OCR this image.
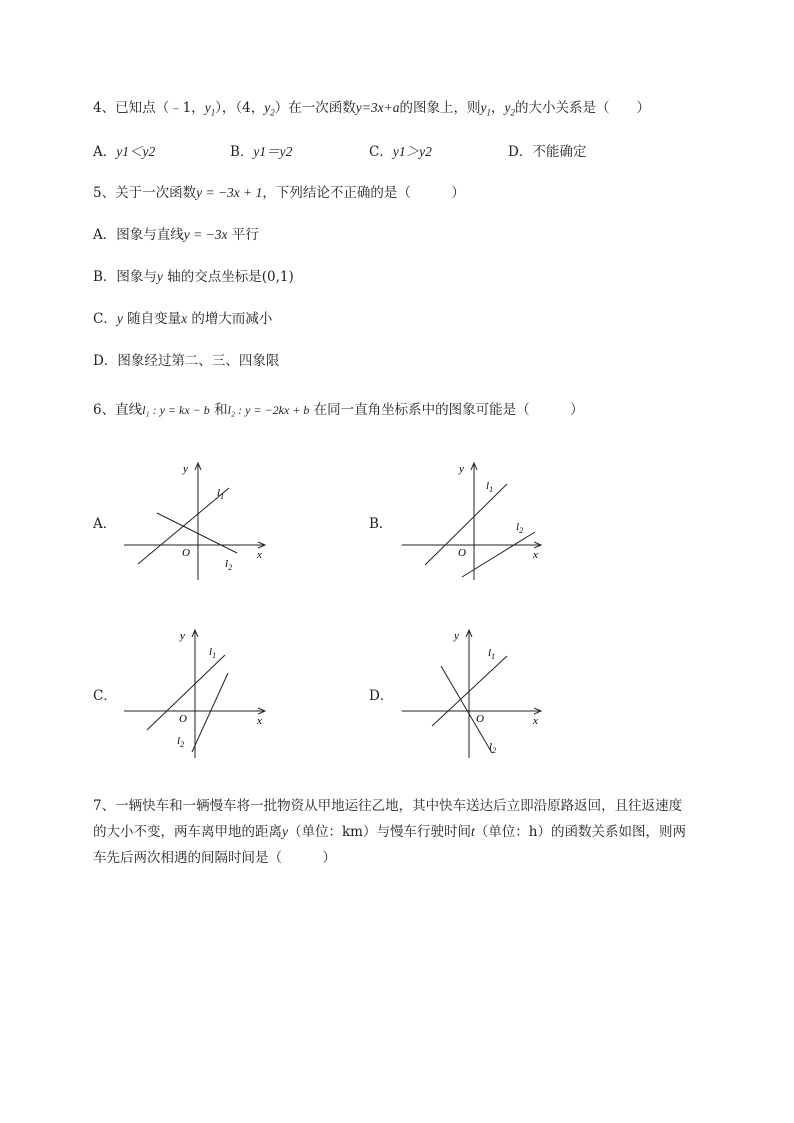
4、已知点（﹣1，$y_1$），（4，$y_2$）在一次函数y=3x+a的图象上，则$y_1$，$y_2$的大小关系是（　　）
A．y1＜y2	B．y1＝y2	C．y1＞y2	D．不能确定
5、关于一次函数y = −3x + 1，下列结论不正确的是（　　　）
A．图象与直线y = −3x 平行
B．图象与y 轴的交点坐标是(0,1)
C．y 随自变量x 的增大而减小
D．图象经过第二、三、四象限
6、直线l₁ : y = kx − b 和l₂ : y = −2kx + b 在同一直角坐标系中的图象可能是（　　　）
A．
x
y
O
$l_1$
$l_2$
B．
x
y
O
$l_1$
$l_2$
C．
x
y
O
$l_1$
$l_2$
D．
x
y
O
$l_1$
$l_2$
7、一辆快车和一辆慢车将一批物资从甲地运往乙地，其中快车送达后立即沿原路返回，且往返速度
的大小不变，两车离甲地的距离y（单位：km）与慢车行驶时间t（单位：h）的函数关系如图，则两
车先后两次相遇的间隔时间是（　　　）
